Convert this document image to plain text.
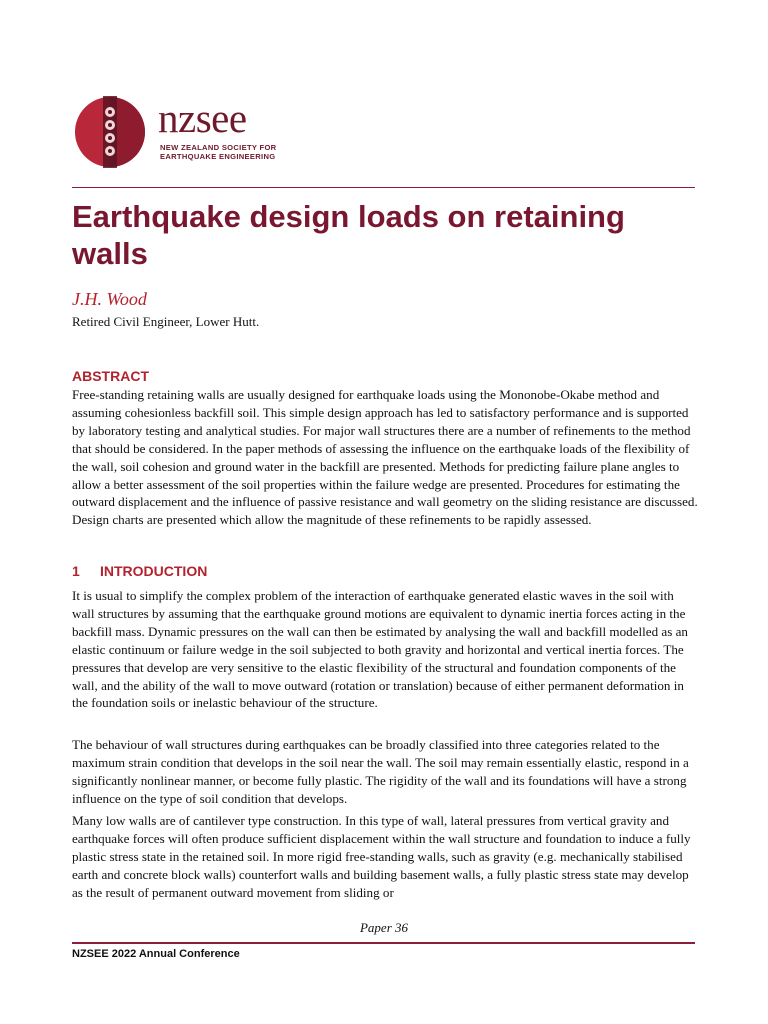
nzsee
NEW ZEALAND SOCIETY FOR
EARTHQUAKE ENGINEERING
Earthquake design loads on retaining walls
J.H. Wood
Retired Civil Engineer, Lower Hutt.
ABSTRACT

Free-standing retaining walls are usually designed for earthquake loads using the Mononobe-Okabe method and assuming cohesionless backfill soil. This simple design approach has led to satisfactory performance and is supported by laboratory testing and analytical studies. For major wall structures there are a number of refinements to the method that should be considered. In the paper methods of assessing the influence on the earthquake loads of the flexibility of the wall, soil cohesion and ground water in the backfill are presented. Methods for predicting failure plane angles to allow a better assessment of the soil properties within the failure wedge are presented. Procedures for estimating the outward displacement and the influence of passive resistance and wall geometry on the sliding resistance are discussed. Design charts are presented which allow the magnitude of these refinements to be rapidly assessed.

1 INTRODUCTION

It is usual to simplify the complex problem of the interaction of earthquake generated elastic waves in the soil with wall structures by assuming that the earthquake ground motions are equivalent to dynamic inertia forces acting in the backfill mass. Dynamic pressures on the wall can then be estimated by analysing the wall and backfill modelled as an elastic continuum or failure wedge in the soil subjected to both gravity and horizontal and vertical inertia forces. The pressures that develop are very sensitive to the elastic flexibility of the structural and foundation components of the wall, and the ability of the wall to move outward (rotation or translation) because of either permanent deformation in the foundation soils or inelastic behaviour of the structure.

The behaviour of wall structures during earthquakes can be broadly classified into three categories related to the maximum strain condition that develops in the soil near the wall. The soil may remain essentially elastic, respond in a significantly nonlinear manner, or become fully plastic. The rigidity of the wall and its foundations will have a strong influence on the type of soil condition that develops.

Many low walls are of cantilever type construction. In this type of wall, lateral pressures from vertical gravity and earthquake forces will often produce sufficient displacement within the wall structure and foundation to induce a fully plastic stress state in the retained soil. In more rigid free-standing walls, such as gravity (e.g. mechanically stabilised earth and concrete block walls) counterfort walls and building basement walls, a fully plastic stress state may develop as the result of permanent outward movement from sliding or

Paper 36
NZSEE 2022 Annual Conference
